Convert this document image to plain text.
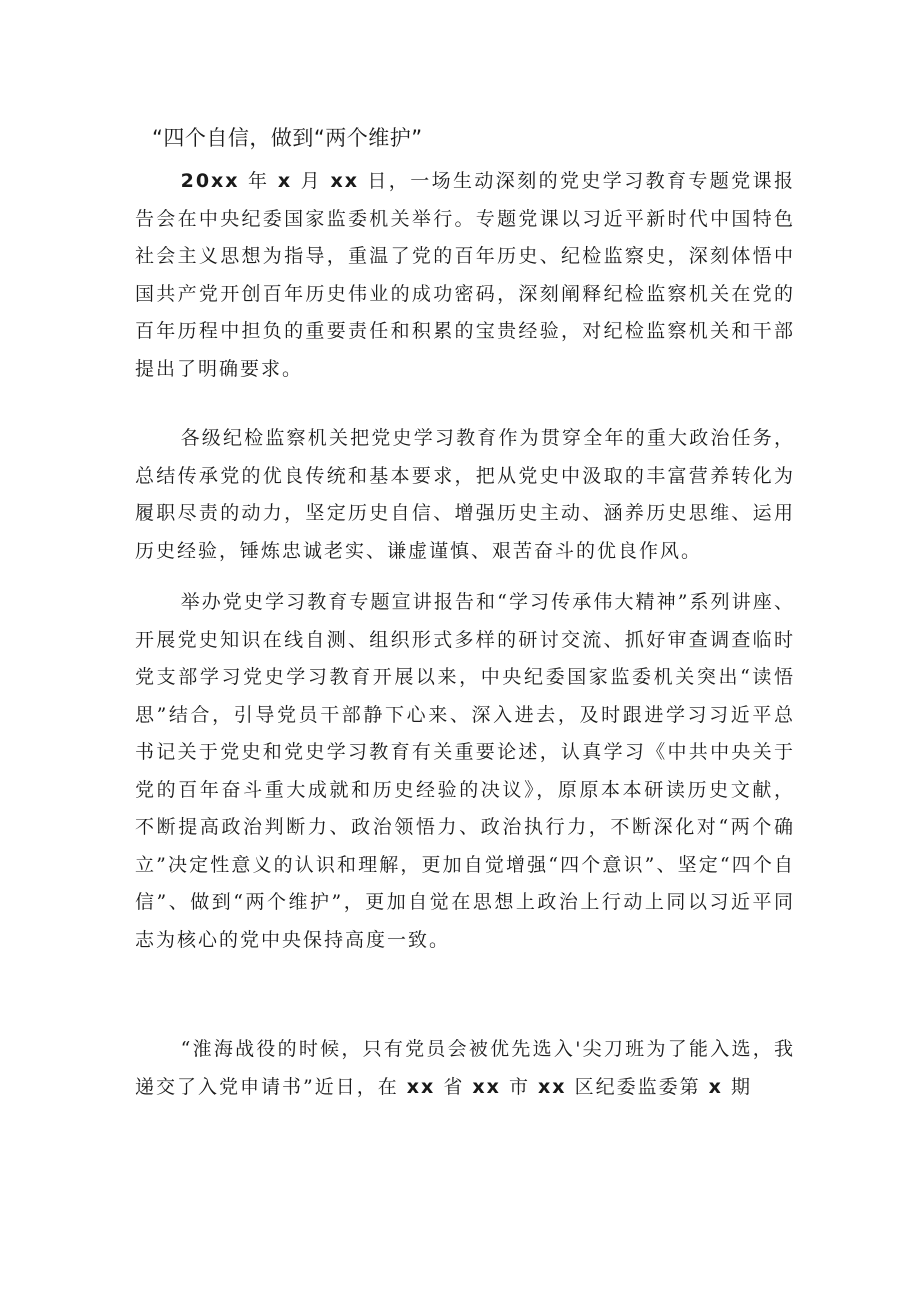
“四个自信，做到“两个维护”

20xx 年 x 月 xx 日，一场生动深刻的党史学习教育专题党课报告会在中央纪委国家监委机关举行。专题党课以习近平新时代中国特色社会主义思想为指导，重温了党的百年历史、纪检监察史，深刻体悟中国共产党开创百年历史伟业的成功密码，深刻阐释纪检监察机关在党的百年历程中担负的重要责任和积累的宝贵经验，对纪检监察机关和干部提出了明确要求。

各级纪检监察机关把党史学习教育作为贯穿全年的重大政治任务，总结传承党的优良传统和基本要求，把从党史中汲取的丰富营养转化为履职尽责的动力，坚定历史自信、增强历史主动、涵养历史思维、运用历史经验，锤炼忠诚老实、谦虚谨慎、艰苦奋斗的优良作风。

举办党史学习教育专题宣讲报告和“学习传承伟大精神”系列讲座、开展党史知识在线自测、组织形式多样的研讨交流、抓好审查调查临时党支部学习党史学习教育开展以来，中央纪委国家监委机关突出“读悟思”结合，引导党员干部静下心来、深入进去，及时跟进学习习近平总书记关于党史和党史学习教育有关重要论述，认真学习《中共中央关于党的百年奋斗重大成就和历史经验的决议》，原原本本研读历史文献，不断提高政治判断力、政治领悟力、政治执行力，不断深化对“两个确立”决定性意义的认识和理解，更加自觉增强“四个意识”、坚定“四个自信”、做到“两个维护”，更加自觉在思想上政治上行动上同以习近平同志为核心的党中央保持高度一致。

“淮海战役的时候，只有党员会被优先选入'尖刀班为了能入选，我递交了入党申请书”近日，在 xx 省 xx 市 xx 区纪委监委第 x 期
